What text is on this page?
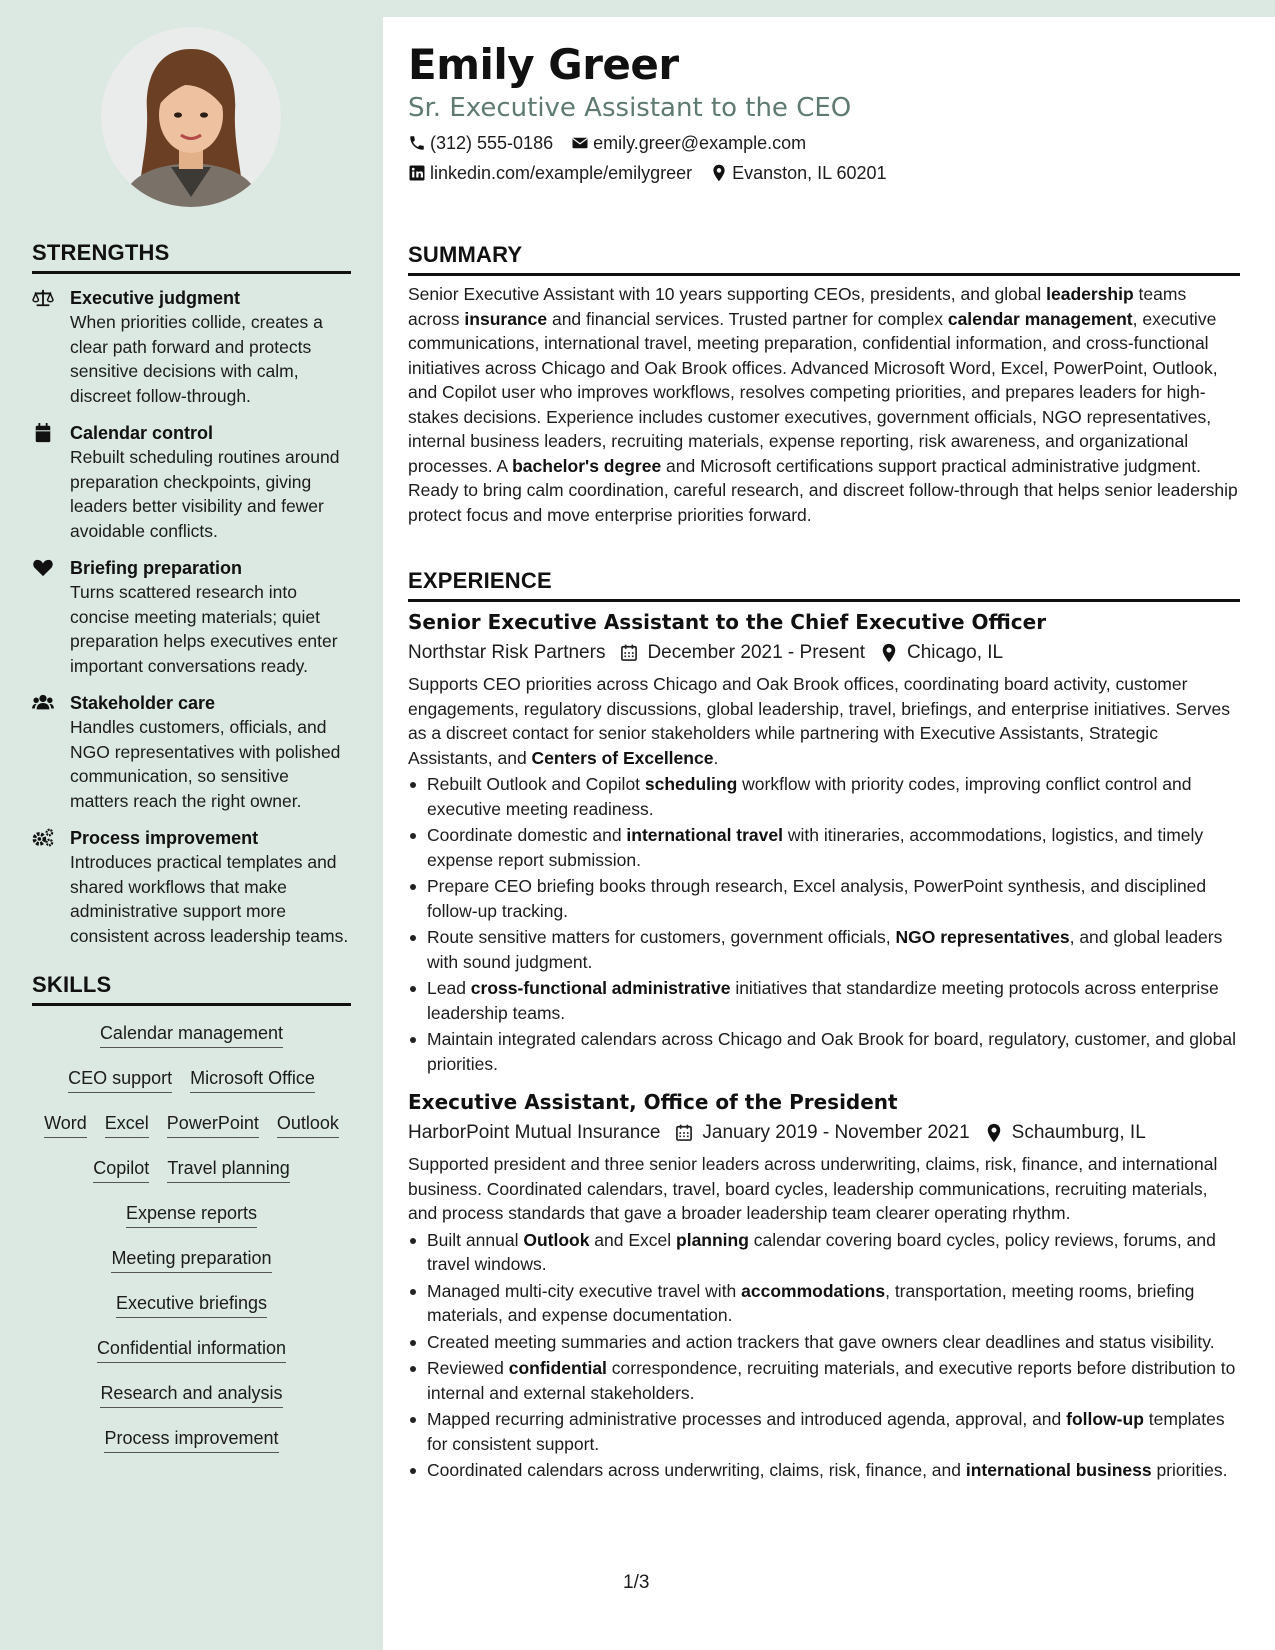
STRENGTHS
Executive judgment
When priorities collide, creates a clear path forward and protects sensitive decisions with calm, discreet follow-through.
Calendar control
Rebuilt scheduling routines around preparation checkpoints, giving leaders better visibility and fewer avoidable conflicts.
Briefing preparation
Turns scattered research into concise meeting materials; quiet preparation helps executives enter important conversations ready.
Stakeholder care
Handles customers, officials, and NGO representatives with polished communication, so sensitive matters reach the right owner.
Process improvement
Introduces practical templates and shared workflows that make administrative support more consistent across leadership teams.
SKILLS
Calendar management
CEO support Microsoft Office
Word Excel PowerPoint Outlook
Copilot Travel planning
Expense reports
Meeting preparation
Executive briefings
Confidential information
Research and analysis
Process improvement
Emily Greer
Sr. Executive Assistant to the CEO
(312) 555-0186 emily.greer@example.com
linkedin.com/example/emilygreer Evanston, IL 60201
SUMMARY
Senior Executive Assistant with 10 years supporting CEOs, presidents, and global leadership teams across insurance and financial services. Trusted partner for complex calendar management, executive communications, international travel, meeting preparation, confidential information, and cross-functional initiatives across Chicago and Oak Brook offices. Advanced Microsoft Word, Excel, PowerPoint, Outlook, and Copilot user who improves workflows, resolves competing priorities, and prepares leaders for high-stakes decisions. Experience includes customer executives, government officials, NGO representatives, internal business leaders, recruiting materials, expense reporting, risk awareness, and organizational processes. A bachelor's degree and Microsoft certifications support practical administrative judgment. Ready to bring calm coordination, careful research, and discreet follow-through that helps senior leadership protect focus and move enterprise priorities forward.
EXPERIENCE
Senior Executive Assistant to the Chief Executive Officer
Northstar Risk Partners December 2021 - Present Chicago, IL
Supports CEO priorities across Chicago and Oak Brook offices, coordinating board activity, customer engagements, regulatory discussions, global leadership, travel, briefings, and enterprise initiatives. Serves as a discreet contact for senior stakeholders while partnering with Executive Assistants, Strategic Assistants, and Centers of Excellence.
Rebuilt Outlook and Copilot scheduling workflow with priority codes, improving conflict control and executive meeting readiness.
Coordinate domestic and international travel with itineraries, accommodations, logistics, and timely expense report submission.
Prepare CEO briefing books through research, Excel analysis, PowerPoint synthesis, and disciplined follow-up tracking.
Route sensitive matters for customers, government officials, NGO representatives, and global leaders with sound judgment.
Lead cross-functional administrative initiatives that standardize meeting protocols across enterprise leadership teams.
Maintain integrated calendars across Chicago and Oak Brook for board, regulatory, customer, and global priorities.
Executive Assistant, Office of the President
HarborPoint Mutual Insurance January 2019 - November 2021 Schaumburg, IL
Supported president and three senior leaders across underwriting, claims, risk, finance, and international business. Coordinated calendars, travel, board cycles, leadership communications, recruiting materials, and process standards that gave a broader leadership team clearer operating rhythm.
Built annual Outlook and Excel planning calendar covering board cycles, policy reviews, forums, and travel windows.
Managed multi-city executive travel with accommodations, transportation, meeting rooms, briefing materials, and expense documentation.
Created meeting summaries and action trackers that gave owners clear deadlines and status visibility.
Reviewed confidential correspondence, recruiting materials, and executive reports before distribution to internal and external stakeholders.
Mapped recurring administrative processes and introduced agenda, approval, and follow-up templates for consistent support.
Coordinated calendars across underwriting, claims, risk, finance, and international business priorities.
1/3
